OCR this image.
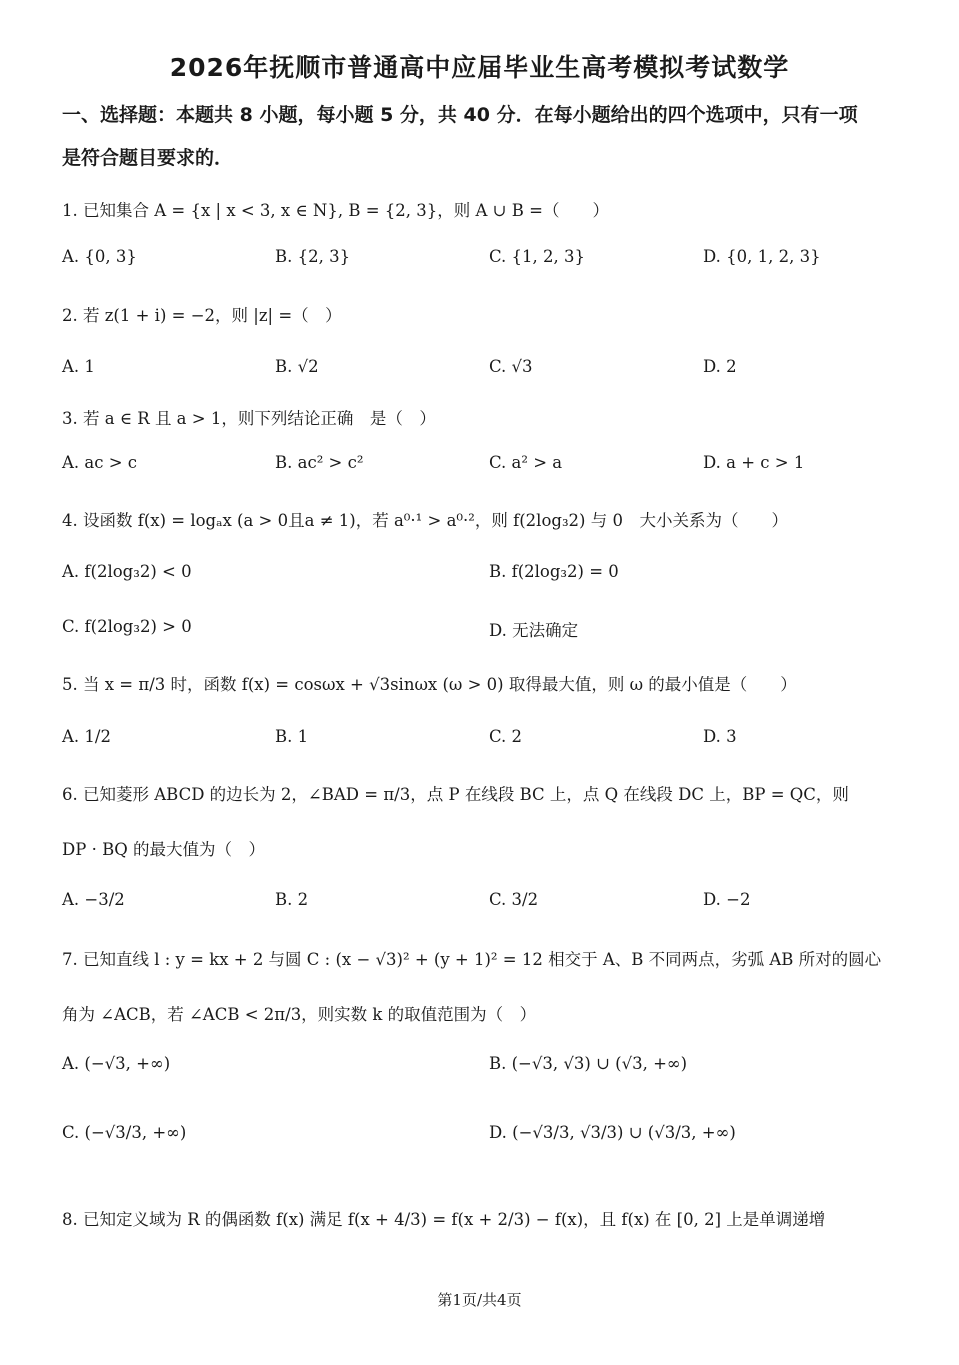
2026年抚顺市普通高中应届毕业生高考模拟考试数学
一、选择题：本题共 8 小题，每小题 5 分，共 40 分．在每小题给出的四个选项中，只有一项
是符合题目要求的．
1. 已知集合 A = {x | x < 3, x ∈ N}, B = {2, 3}，则 A ∪ B =（　　）
A. {0, 3}	B. {2, 3}	C. {1, 2, 3}	D. {0, 1, 2, 3}
2. 若 z(1 + i) = −2，则 |z| =（　）
A. 1	B. √2	C. √3	D. 2
3. 若 a ∈ R 且 a > 1，则下列结论正确　是（　）
A. ac > c	B. ac² > c²	C. a² > a	D. a + c > 1
4. 设函数 f(x) = logₐx (a > 0且a ≠ 1)，若 a⁰·¹ > a⁰·²，则 f(2log₃2) 与 0　大小关系为（　　）
A. f(2log₃2) < 0	B. f(2log₃2) = 0
C. f(2log₃2) > 0	D. 无法确定
5. 当 x = π/3 时，函数 f(x) = cosωx + √3sinωx (ω > 0) 取得最大值，则 ω 的最小值是（　　）
A. 1/2	B. 1	C. 2	D. 3
6. 已知菱形 ABCD 的边长为 2，∠BAD = π/3，点 P 在线段 BC 上，点 Q 在线段 DC 上，BP = QC，则
DP · BQ 的最大值为（　）
A. −3/2	B. 2	C. 3/2	D. −2
7. 已知直线 l : y = kx + 2 与圆 C : (x − √3)² + (y + 1)² = 12 相交于 A、B 不同两点，劣弧 AB 所对的圆心
角为 ∠ACB，若 ∠ACB < 2π/3，则实数 k 的取值范围为（　）
A. (−√3, +∞)	B. (−√3, √3) ∪ (√3, +∞)
C. (−√3/3, +∞)	D. (−√3/3, √3/3) ∪ (√3/3, +∞)
8. 已知定义域为 R 的偶函数 f(x) 满足 f(x + 4/3) = f(x + 2/3) − f(x)，且 f(x) 在 [0, 2] 上是单调递增
第1页/共4页
